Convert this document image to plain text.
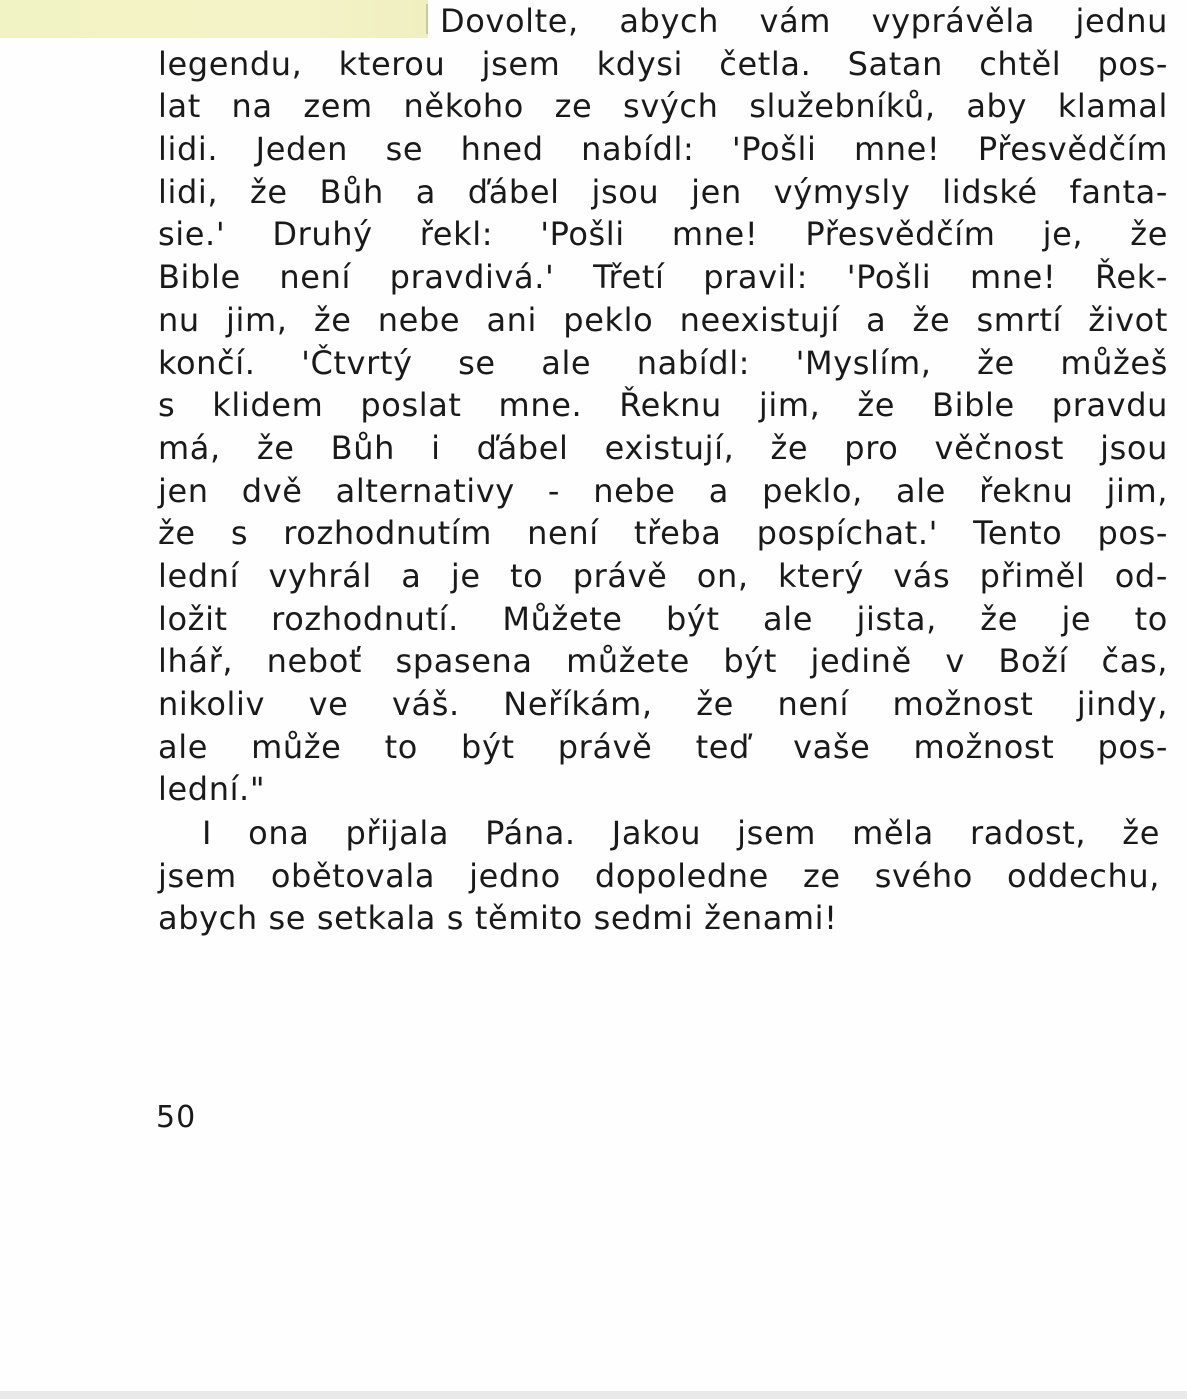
Dovolte, abych vám vyprávěla jednu
legendu, kterou jsem kdysi četla. Satan chtěl pos-
lat na zem někoho ze svých služebníků, aby klamal
lidi. Jeden se hned nabídl: 'Pošli mne! Přesvědčím
lidi, že Bůh a ďábel jsou jen výmysly lidské fanta-
sie.' Druhý řekl: 'Pošli mne! Přesvědčím je, že
Bible není pravdivá.' Třetí pravil: 'Pošli mne! Řek-
nu jim, že nebe ani peklo neexistují a že smrtí život
končí. 'Čtvrtý se ale nabídl: 'Myslím, že můžeš
s klidem poslat mne. Řeknu jim, že Bible pravdu
má, že Bůh i ďábel existují, že pro věčnost jsou
jen dvě alternativy - nebe a peklo, ale řeknu jim,
že s rozhodnutím není třeba pospíchat.' Tento pos-
lední vyhrál a je to právě on, který vás přiměl od-
ložit rozhodnutí. Můžete být ale jista, že je to
lhář, neboť spasena můžete být jedině v Boží čas,
nikoliv ve váš. Neříkám, že není možnost jindy,
ale může to být právě teď vaše možnost pos-
lední."
I ona přijala Pána. Jakou jsem měla radost, že
jsem obětovala jedno dopoledne ze svého oddechu,
abych se setkala s těmito sedmi ženami!
50
